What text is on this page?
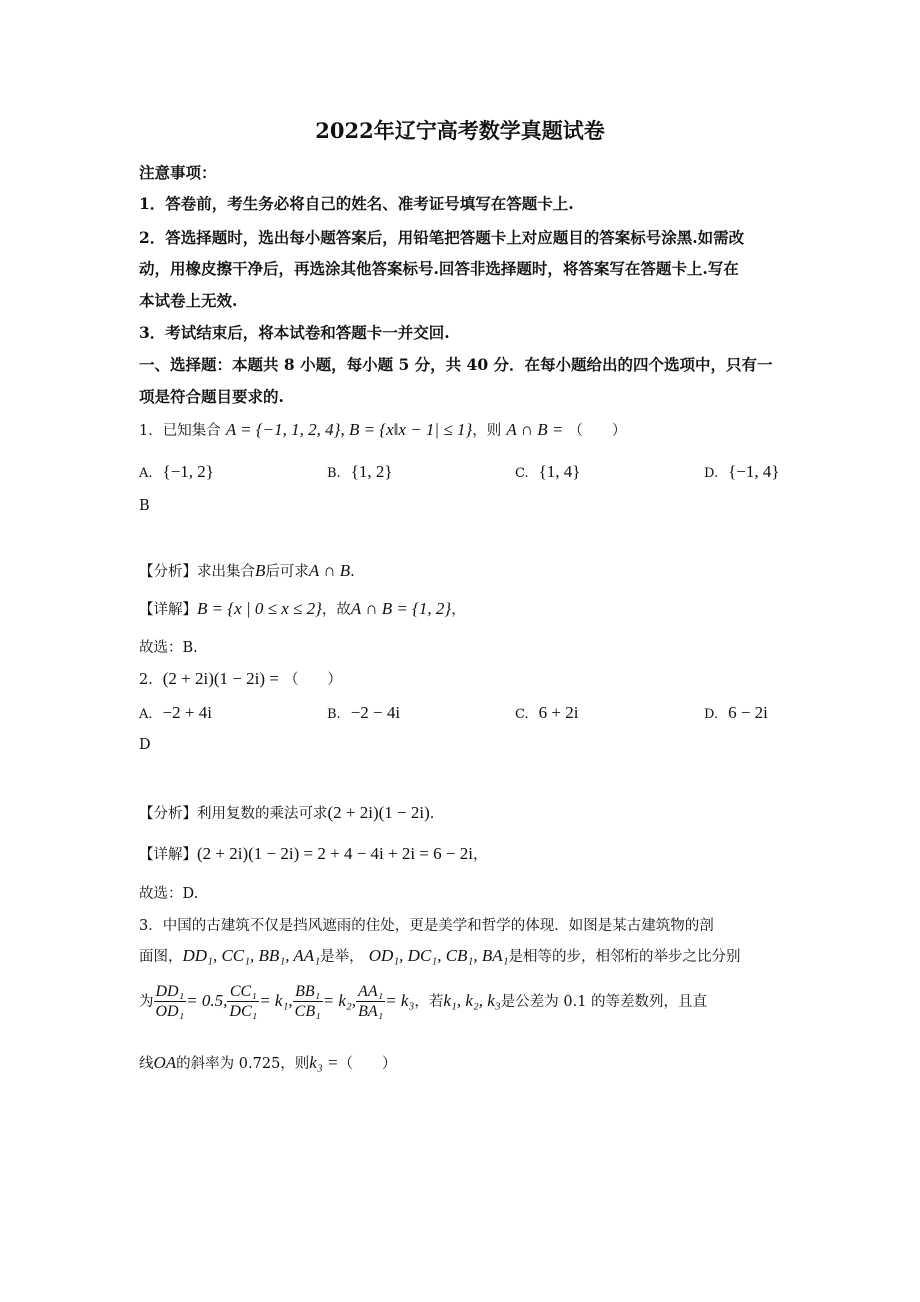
2022年辽宁高考数学真题试卷
注意事项：
1．答卷前，考生务必将自己的姓名、准考证号填写在答题卡上.
2．答选择题时，选出每小题答案后，用铅笔把答题卡上对应题目的答案标号涂黑.如需改
动，用橡皮擦干净后，再选涂其他答案标号.回答非选择题时，将答案写在答题卡上.写在
本试卷上无效.
3．考试结束后，将本试卷和答题卡一并交回.
一、选择题：本题共 8 小题，每小题 5 分，共 40 分．在每小题给出的四个选项中，只有一
项是符合题目要求的.
1．已知集合 A = {−1, 1, 2, 4}, B = {x‖x − 1| ≤ 1}，则 A ∩ B = （　　）
A. {−1, 2}	B. {1, 2}	C. {1, 4}	D. {−1, 4}
B
【分析】求出集合B后可求A ∩ B.
【详解】B = {x | 0 ≤ x ≤ 2}，故A ∩ B = {1, 2}，
故选：B.
2．(2 + 2i)(1 − 2i) = （　　）
A. −2 + 4i	B. −2 − 4i	C. 6 + 2i	D. 6 − 2i
D
【分析】利用复数的乘法可求(2 + 2i)(1 − 2i).
【详解】(2 + 2i)(1 − 2i) = 2 + 4 − 4i + 2i = 6 − 2i，
故选：D.
3．中国的古建筑不仅是挡风遮雨的住处，更是美学和哲学的体现．如图是某古建筑物的剖
面图，DD₁, CC₁, BB₁, AA₁是举， OD₁, DC₁, CB₁, BA₁是相等的步，相邻桁的举步之比分别
为 $\frac{\text{DD₁}}{\text{OD₁}} = 0.5$, $\frac{\text{CC₁}}{\text{DC₁}} = k_1$, $\frac{\text{BB₁}}{\text{CB₁}} = k_2$, $\frac{\text{AA₁}}{\text{BA₁}} = k_3$，若k₁, k₂, k₃是公差为 0.1 的等差数列，且直
线OA的斜率为 0.725，则k₃ =（　　）
